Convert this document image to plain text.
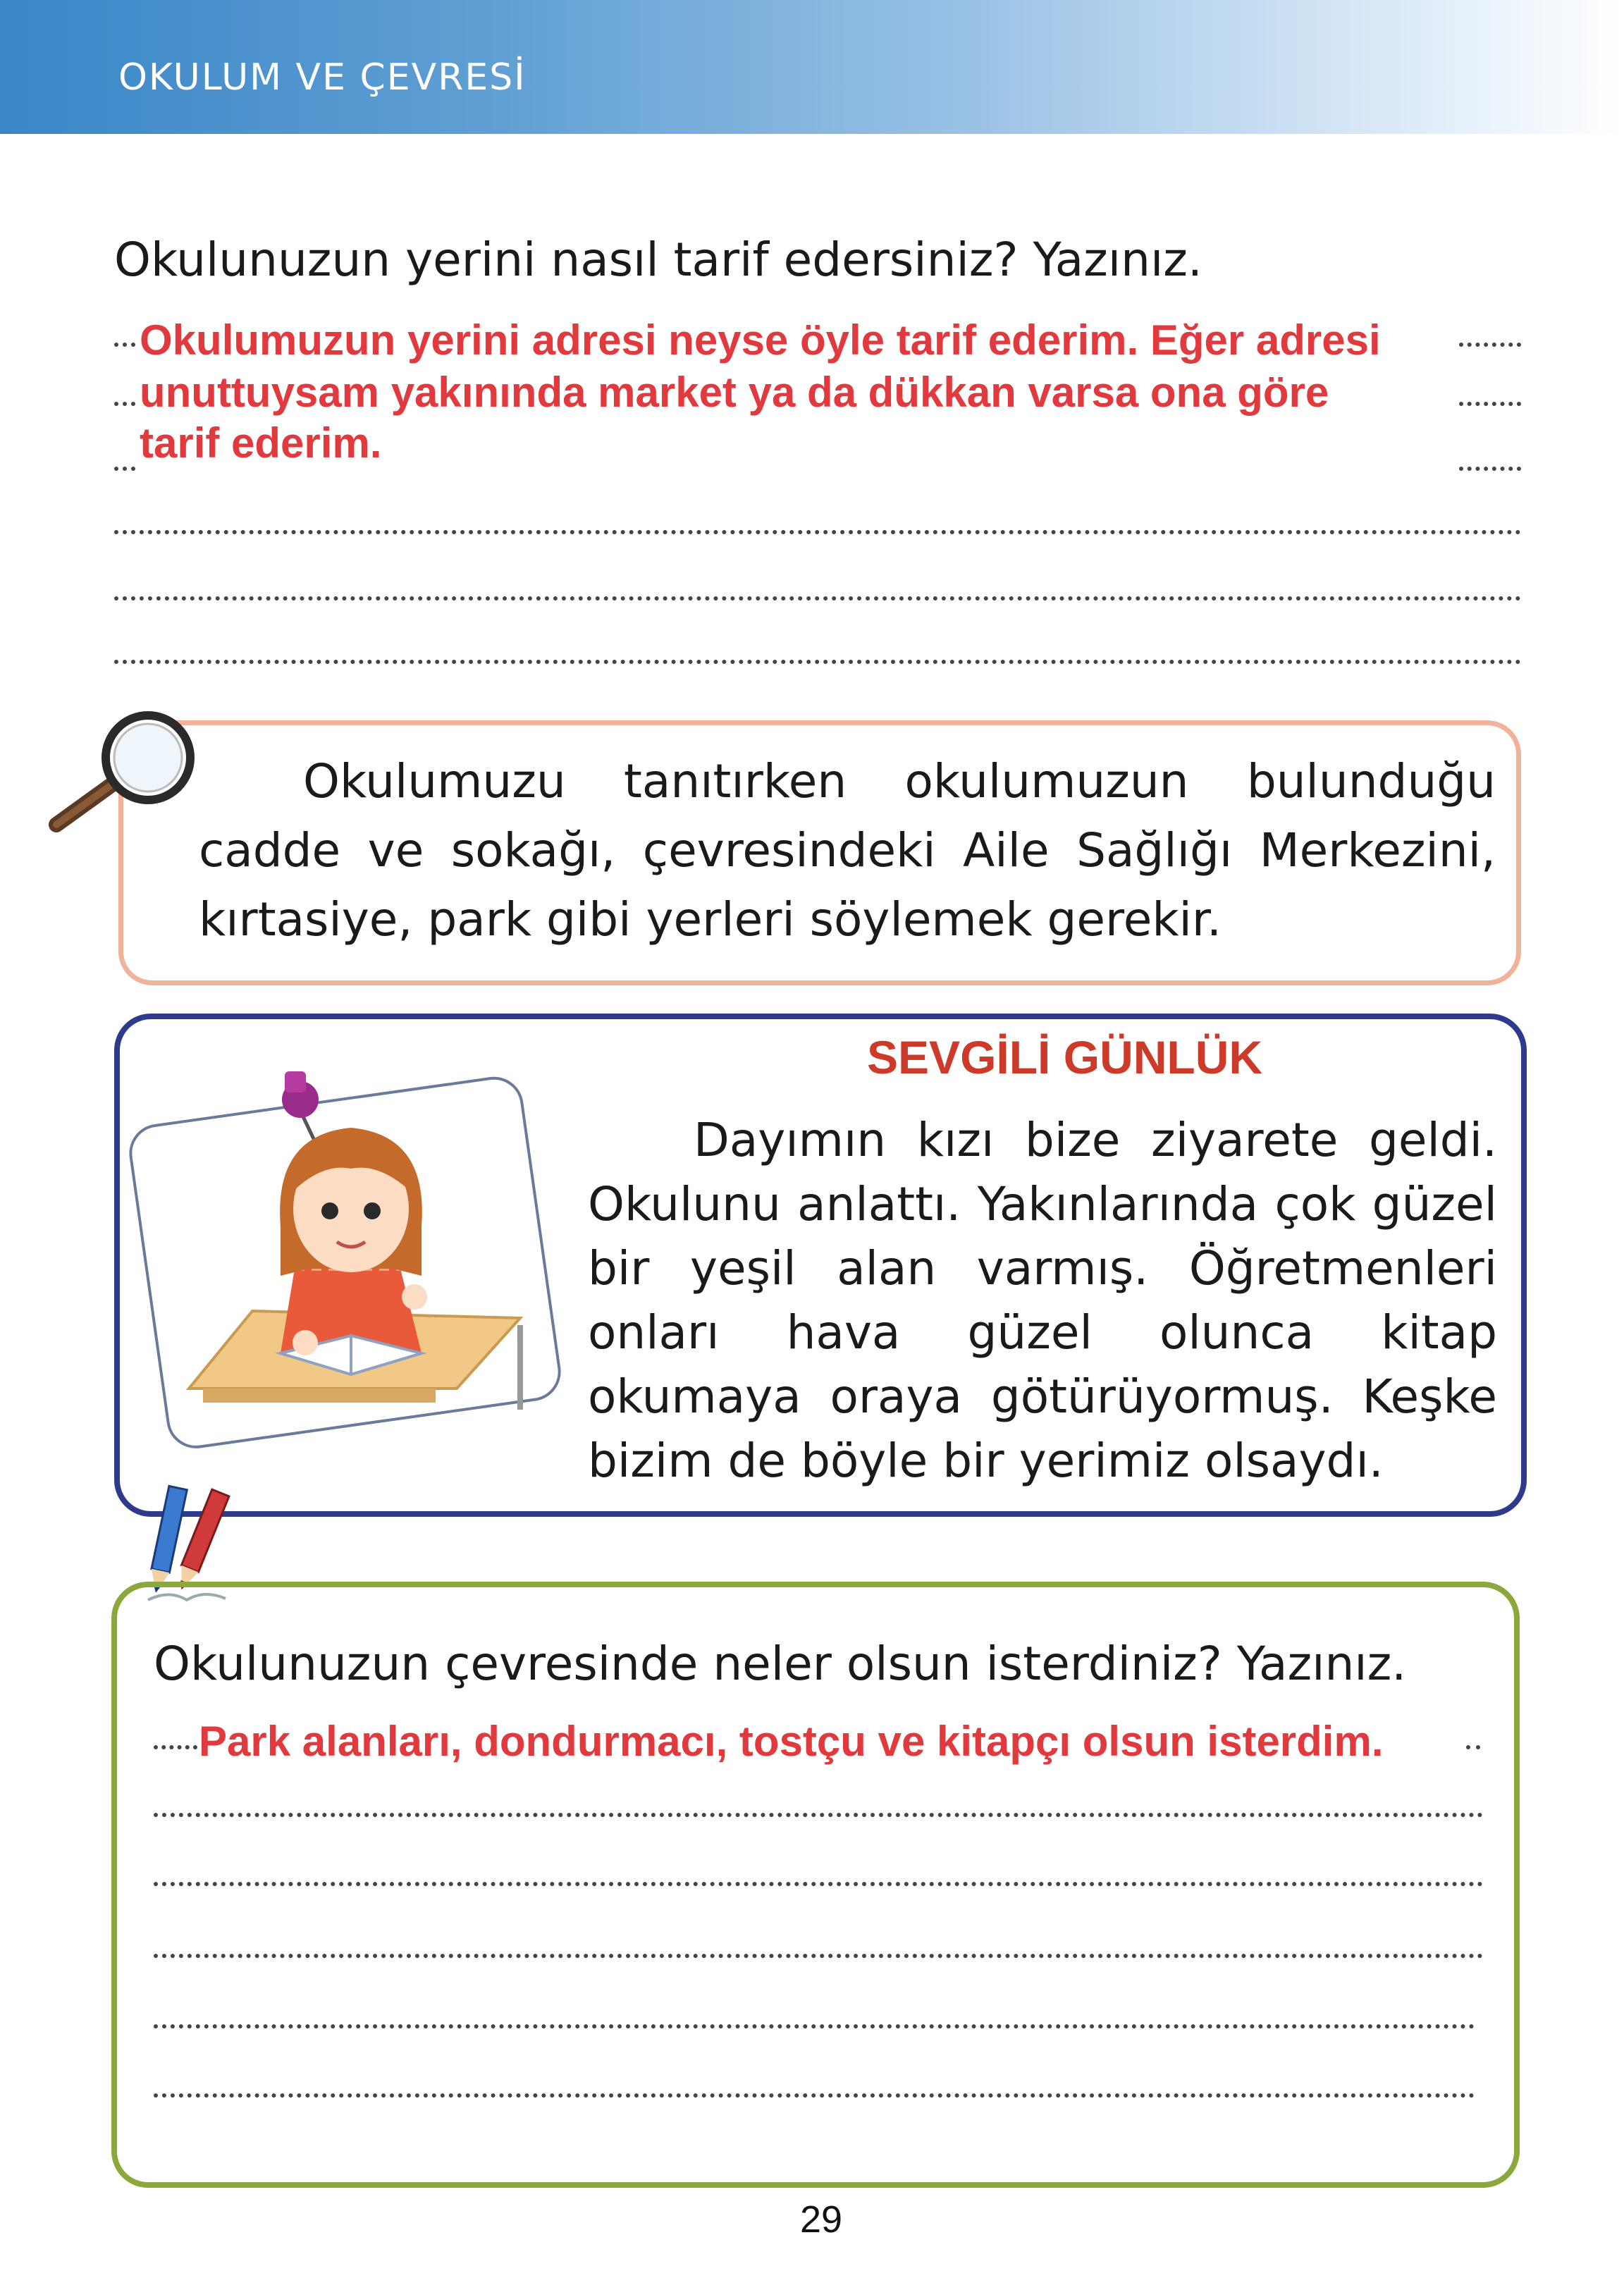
OKULUM VE ÇEVRESİ
Okulunuzun yerini nasıl tarif edersiniz? Yazınız.
Okulumuzun yerini adresi neyse öyle tarif ederim. Eğer adresi
unuttuysam yakınında market ya da dükkan varsa ona göre
tarif ederim.
Okulumuzu tanıtırken okulumuzun bulunduğu cadde ve sokağı, çevresindeki Aile Sağlığı Merkezini, kırtasiye, park gibi yerleri söylemek gerekir.
SEVGİLİ GÜNLÜK
Dayımın kızı bize ziyarete geldi. Okulunu anlattı. Yakınlarında çok güzel bir yeşil alan varmış. Öğretmenleri onları hava güzel olunca kitap okumaya oraya götürüyormuş. Keşke bizim de böyle bir yerimiz olsaydı.
Okulunuzun çevresinde neler olsun isterdiniz? Yazınız.
Park alanları, dondurmacı, tostçu ve kitapçı olsun isterdim.
29
